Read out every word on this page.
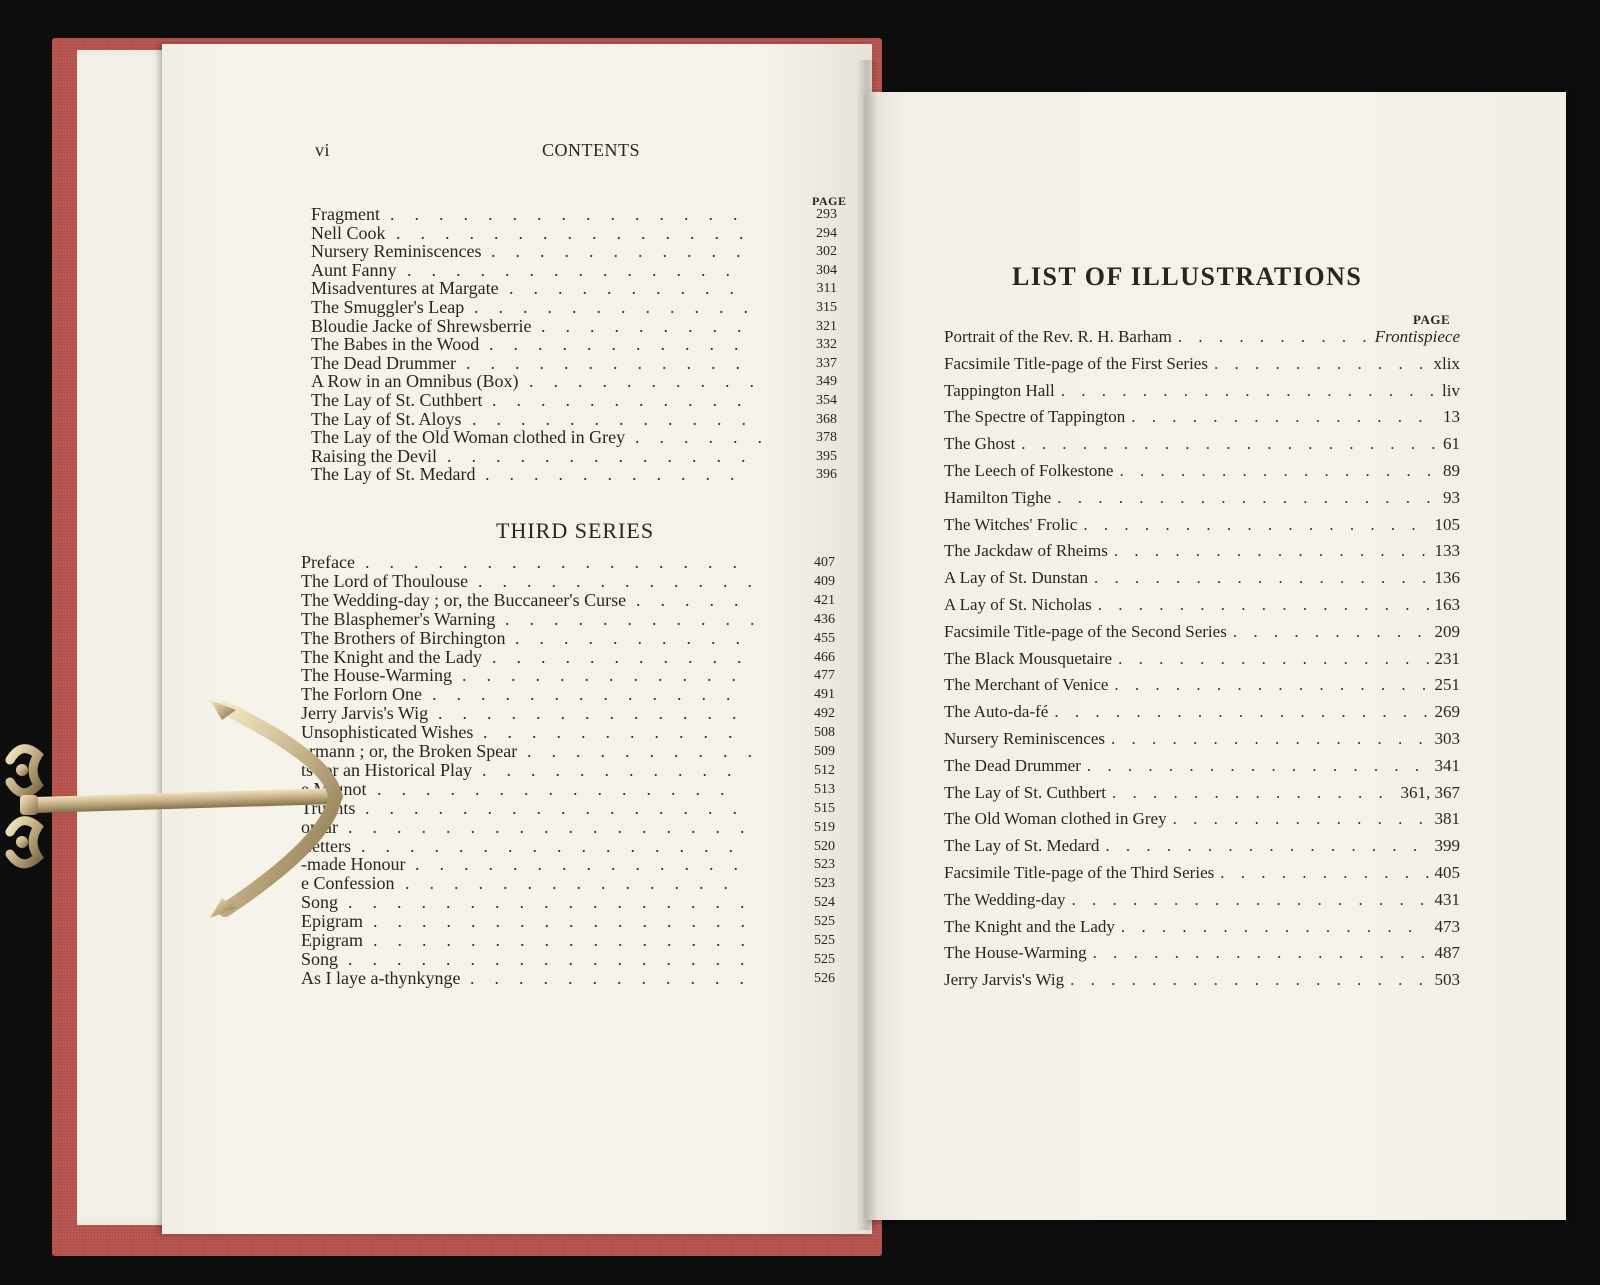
vi	CONTENTS
PAGE
Fragment	293
...............
Nell Cook	294
...............
Nursery Reminiscences	302
...........
Aunt Fanny	304
..............
Misadventures at Margate	311
..........
The Smuggler's Leap	315
............
Bloudie Jacke of Shrewsberrie	321
.........
The Babes in the Wood	332
...........
The Dead Drummer	337
............
A Row in an Omnibus (Box)	349
..........
The Lay of St. Cuthbert	354
...........
The Lay of St. Aloys	368
............
The Lay of the Old Woman clothed in Grey	378
......
Raising the Devil	395
.............
The Lay of St. Medard	396
...........
THIRD SERIES
Preface	407
................
The Lord of Thoulouse	409
............
The Wedding-day ; or, the Buccaneer's Curse	421
.....
The Blasphemer's Warning	436
...........
The Brothers of Birchington	455
..........
The Knight and the Lady	466
...........
The House-Warming	477
............
The Forlorn One	491
.............
Jerry Jarvis's Wig	492
.............
Unsophisticated Wishes	508
...........
ermann ; or, the Broken Spear	509
..........
ts for an Historical Play	512
...........
e Mignot	513
...............
Truants	515
................
oplar	519
.................
Letters	520
................
-made Honour	523
..............
e Confession	523
..............
Song	524
.................
Epigram	525
................
Epigram	525
................
Song	525
.................
As I laye a-thynkynge	526
............
LIST OF ILLUSTRATIONS
PAGE
Portrait of the Rev. R. H. Barham . . .	Frontispiece
Facsimile Title-page of the First Series . . .	xlix
Tappington Hall . . .	liv
The Spectre of Tappington . . .	13
The Ghost . . .	61
The Leech of Folkestone . . .	89
Hamilton Tighe . . .	93
The Witches' Frolic . . .	105
The Jackdaw of Rheims . . .	133
A Lay of St. Dunstan . . .	136
A Lay of St. Nicholas . . .	163
Facsimile Title-page of the Second Series . . .	209
The Black Mousquetaire . . .	231
The Merchant of Venice . . .	251
The Auto-da-fé . . .	269
Nursery Reminiscences . . .	303
The Dead Drummer . . .	341
The Lay of St. Cuthbert . . .	361, 367
The Old Woman clothed in Grey . . .	381
The Lay of St. Medard . . .	399
Facsimile Title-page of the Third Series . . .	405
The Wedding-day . . .	431
The Knight and the Lady . . .	473
The House-Warming . . .	487
Jerry Jarvis's Wig . . .	503
